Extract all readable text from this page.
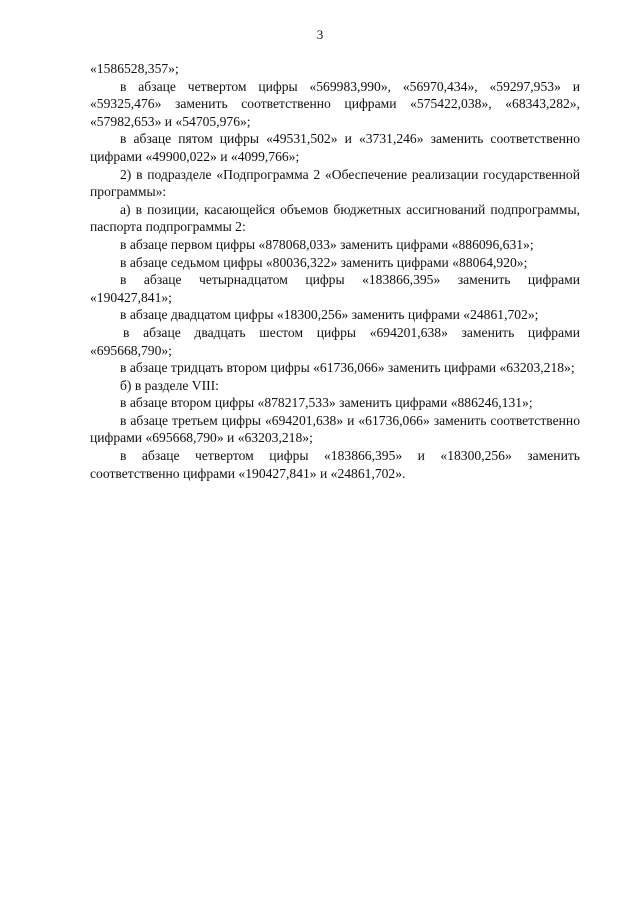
3

«1586528,357»;

в абзаце четвертом цифры «569983,990», «56970,434», «59297,953» и «59325,476» заменить соответственно цифрами «575422,038», «68343,282», «57982,653» и «54705,976»;

в абзаце пятом цифры «49531,502» и «3731,246» заменить соответственно цифрами «49900,022» и «4099,766»;

2) в подразделе «Подпрограмма 2 «Обеспечение реализации государственной программы»:

а) в позиции, касающейся объемов бюджетных ассигнований подпрограммы, паспорта подпрограммы 2:

в абзаце первом цифры «878068,033» заменить цифрами «886096,631»;

в абзаце седьмом цифры «80036,322» заменить цифрами «88064,920»;

в абзаце четырнадцатом цифры «183866,395» заменить цифрами «190427,841»;

в абзаце двадцатом цифры «18300,256» заменить цифрами «24861,702»;

в абзаце двадцать шестом цифры «694201,638» заменить цифрами «695668,790»;

в абзаце тридцать втором цифры «61736,066» заменить цифрами «63203,218»;

б) в разделе VIII:

в абзаце втором цифры «878217,533» заменить цифрами «886246,131»;

в абзаце третьем цифры «694201,638» и «61736,066» заменить соответственно цифрами «695668,790» и «63203,218»;

в абзаце четвертом цифры «183866,395» и «18300,256» заменить соответственно цифрами «190427,841» и «24861,702».
